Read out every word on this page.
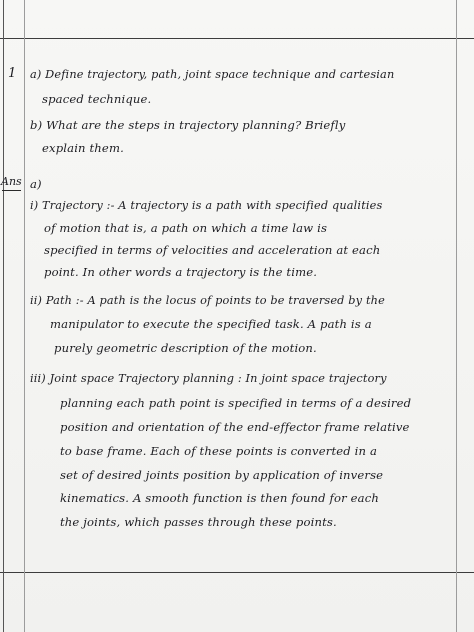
1
Ans

a) Define trajectory, path, joint space technique and cartesian

spaced technique.

b) What are the steps in trajectory planning? Briefly

explain them.

a)

i) Trajectory :- A trajectory is a path with specified qualities

of motion that is, a path on which a time law is

specified in terms of velocities and acceleration at each

point. In other words a trajectory is the time.

ii) Path :- A path is the locus of points to be traversed by the

manipulator to execute the specified task. A path is a

purely geometric description of the motion.

iii) Joint space Trajectory planning : In joint space trajectory

planning each path point is specified in terms of a desired

position and orientation of the end-effector frame relative

to base frame. Each of these points is converted in a

set of desired joints position by application of inverse

kinematics. A smooth function is then found for each

the joints, which passes through these points.
